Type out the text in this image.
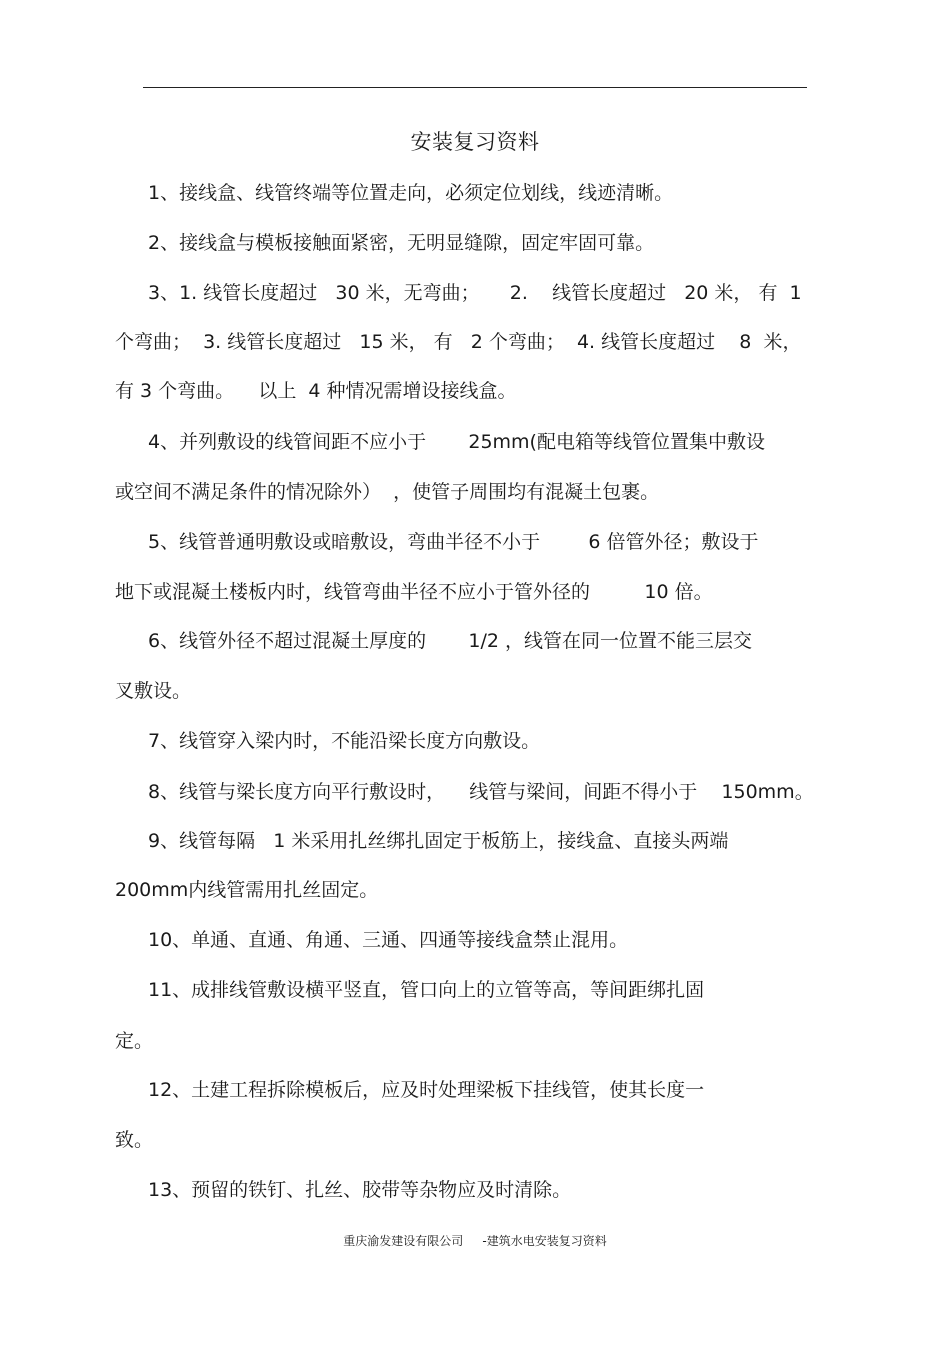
安装复习资料
1、接线盒、线管终端等位置走向，必须定位划线，线迹清晰。
2、接线盒与模板接触面紧密，无明显缝隙，固定牢固可靠。
3、1. 线管长度超过   30 米，无弯曲；     2.    线管长度超过   20 米， 有  1
个弯曲；  3. 线管长度超过   15 米， 有   2 个弯曲；  4. 线管长度超过    8  米，
有 3 个弯曲。    以上  4 种情况需增设接线盒。
4、并列敷设的线管间距不应小于       25mm(配电箱等线管位置集中敷设
或空间不满足条件的情况除外）  ，使管子周围均有混凝土包裹。
5、线管普通明敷设或暗敷设，弯曲半径不小于        6 倍管外径；敷设于
地下或混凝土楼板内时，线管弯曲半径不应小于管外径的         10 倍。
6、线管外径不超过混凝土厚度的       1/2 ，线管在同一位置不能三层交
叉敷设。
7、线管穿入梁内时，不能沿梁长度方向敷设。
8、线管与梁长度方向平行敷设时，    线管与梁间，间距不得小于    150mm。
9、线管每隔   1 米采用扎丝绑扎固定于板筋上，接线盒、直接头两端
200mm内线管需用扎丝固定。
10、单通、直通、角通、三通、四通等接线盒禁止混用。
11、成排线管敷设横平竖直，管口向上的立管等高，等间距绑扎固
定。
12、土建工程拆除模板后，应及时处理梁板下挂线管，使其长度一
致。
13、预留的铁钉、扎丝、胶带等杂物应及时清除。
重庆渝发建设有限公司     -建筑水电安装复习资料
